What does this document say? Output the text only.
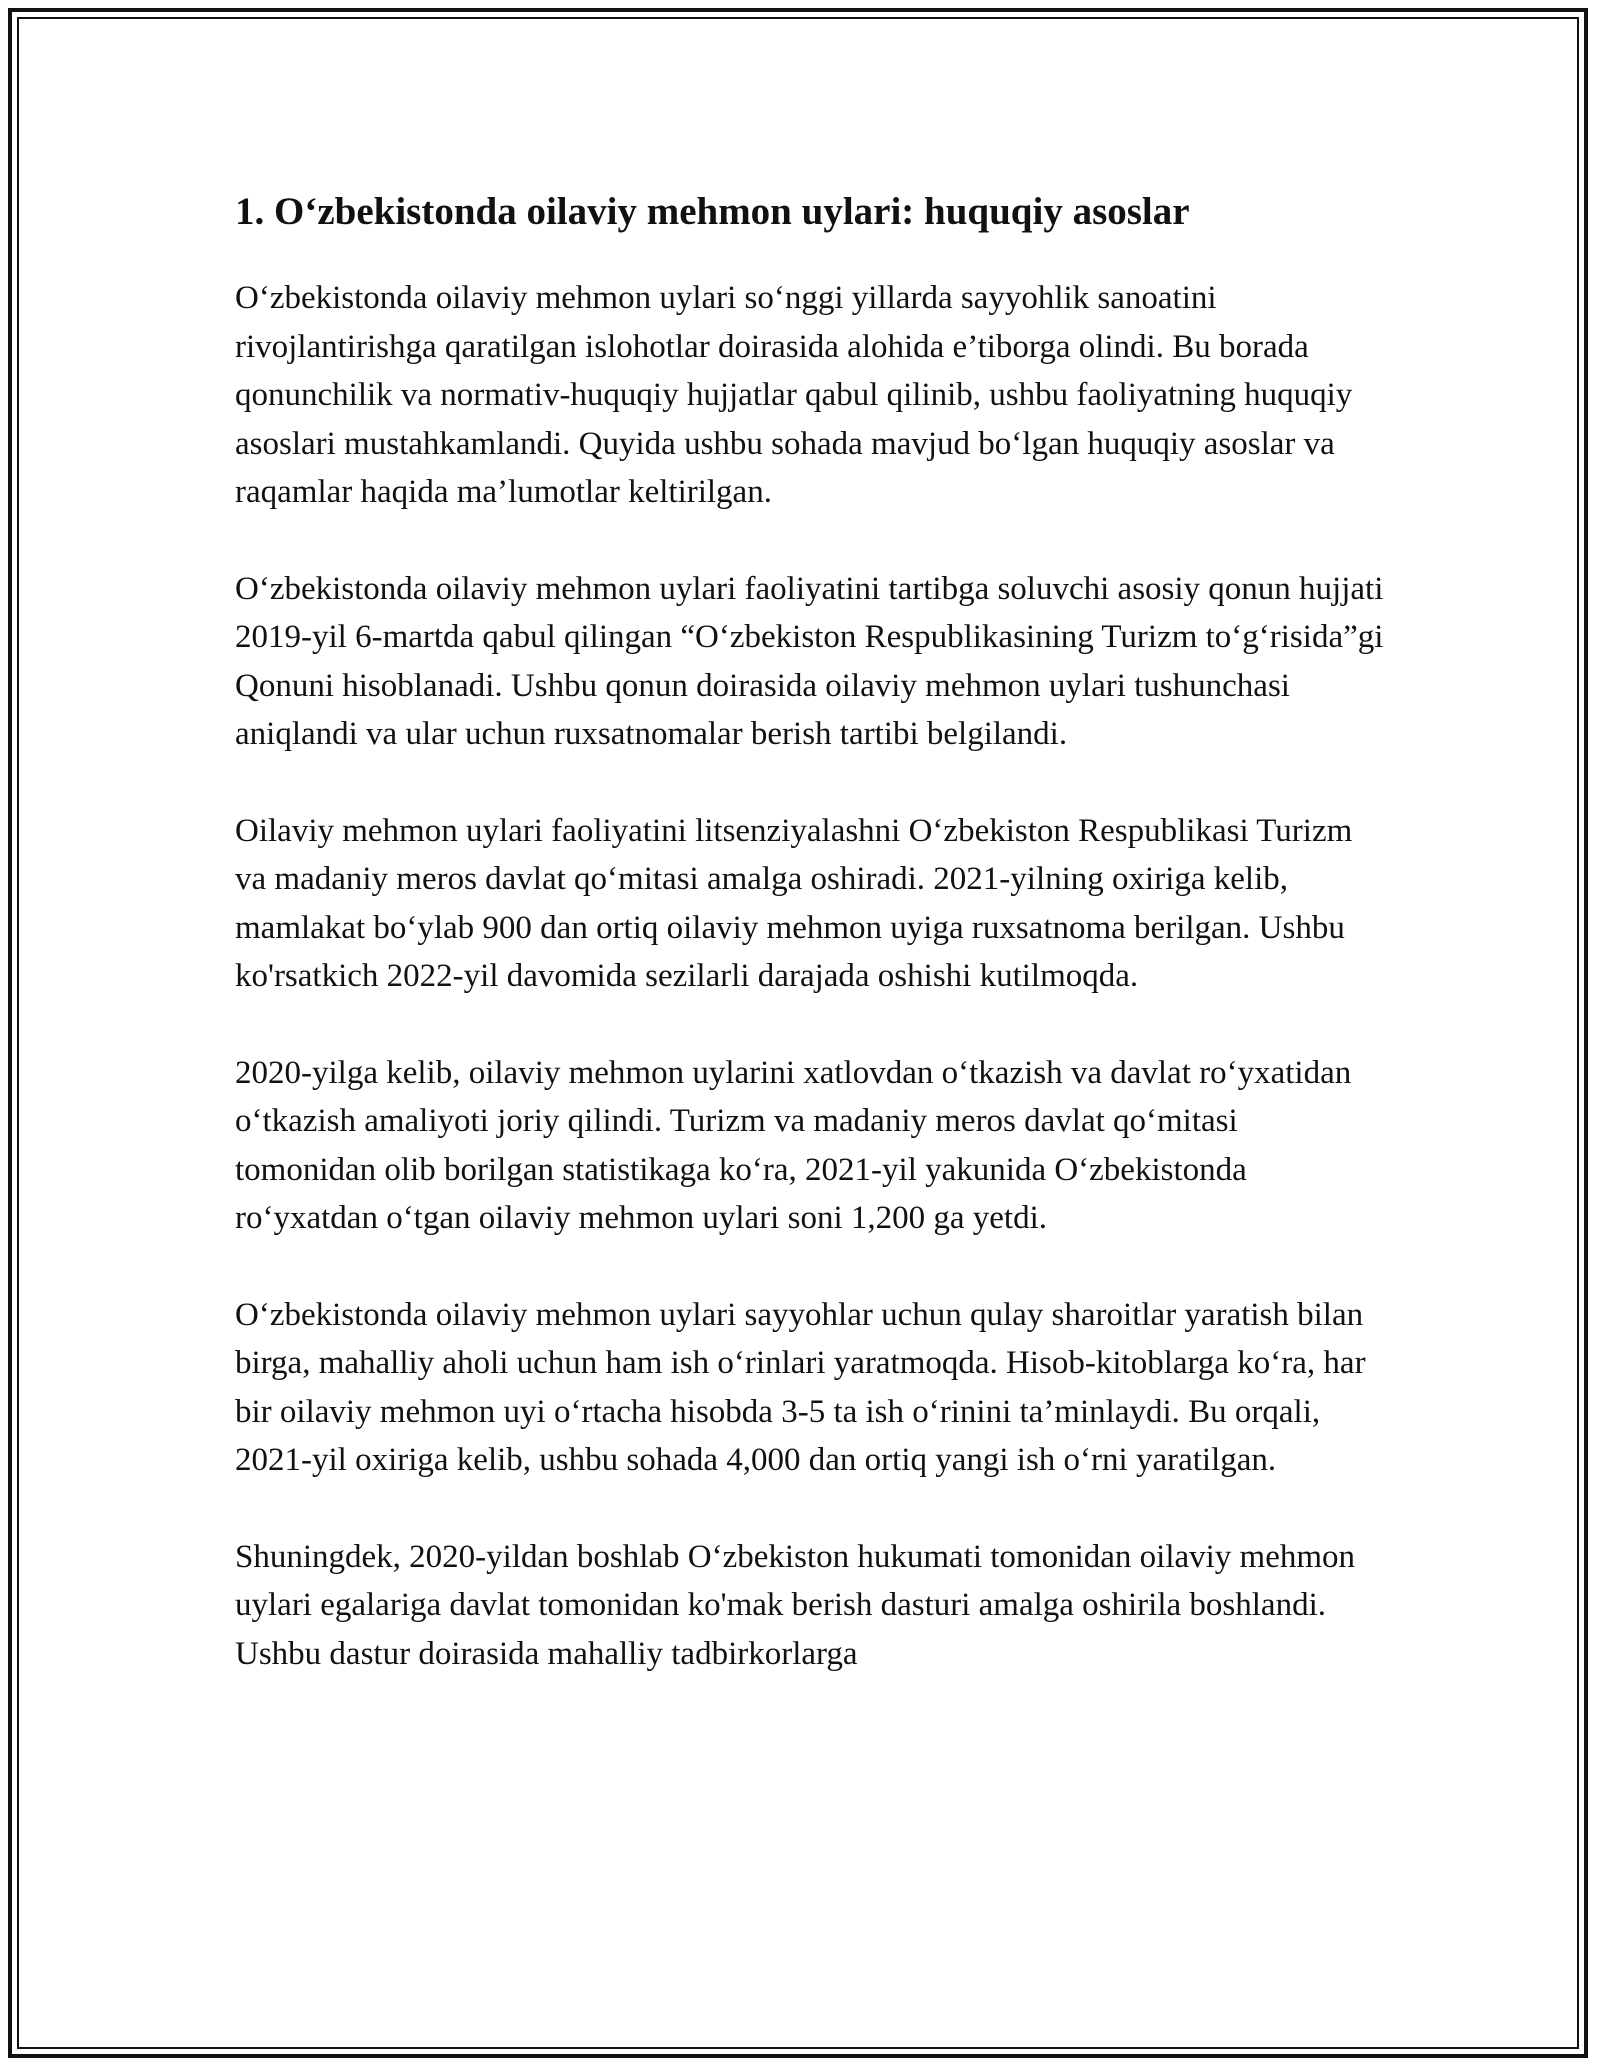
1. O‘zbekistonda oilaviy mehmon uylari: huquqiy asoslar

O‘zbekistonda oilaviy mehmon uylari so‘nggi yillarda sayyohlik sanoatini rivojlantirishga qaratilgan islohotlar doirasida alohida e’tiborga olindi. Bu borada qonunchilik va normativ-huquqiy hujjatlar qabul qilinib, ushbu faoliyatning huquqiy asoslari mustahkamlandi. Quyida ushbu sohada mavjud bo‘lgan huquqiy asoslar va raqamlar haqida ma’lumotlar keltirilgan.

O‘zbekistonda oilaviy mehmon uylari faoliyatini tartibga soluvchi asosiy qonun hujjati 2019-yil 6-martda qabul qilingan “O‘zbekiston Respublikasining Turizm to‘g‘risida”gi Qonuni hisoblanadi. Ushbu qonun doirasida oilaviy mehmon uylari tushunchasi aniqlandi va ular uchun ruxsatnomalar berish tartibi belgilandi.

Oilaviy mehmon uylari faoliyatini litsenziyalashni O‘zbekiston Respublikasi Turizm va madaniy meros davlat qo‘mitasi amalga oshiradi. 2021-yilning oxiriga kelib, mamlakat bo‘ylab 900 dan ortiq oilaviy mehmon uyiga ruxsatnoma berilgan. Ushbu ko'rsatkich 2022-yil davomida sezilarli darajada oshishi kutilmoqda.

2020-yilga kelib, oilaviy mehmon uylarini xatlovdan o‘tkazish va davlat ro‘yxatidan o‘tkazish amaliyoti joriy qilindi. Turizm va madaniy meros davlat qo‘mitasi tomonidan olib borilgan statistikaga ko‘ra, 2021-yil yakunida O‘zbekistonda ro‘yxatdan o‘tgan oilaviy mehmon uylari soni 1,200 ga yetdi.

O‘zbekistonda oilaviy mehmon uylari sayyohlar uchun qulay sharoitlar yaratish bilan birga, mahalliy aholi uchun ham ish o‘rinlari yaratmoqda. Hisob-kitoblarga ko‘ra, har bir oilaviy mehmon uyi o‘rtacha hisobda 3-5 ta ish o‘rinini ta’minlaydi. Bu orqali, 2021-yil oxiriga kelib, ushbu sohada 4,000 dan ortiq yangi ish o‘rni yaratilgan.

Shuningdek, 2020-yildan boshlab O‘zbekiston hukumati tomonidan oilaviy mehmon uylari egalariga davlat tomonidan ko'mak berish dasturi amalga oshirila boshlandi. Ushbu dastur doirasida mahalliy tadbirkorlarga
